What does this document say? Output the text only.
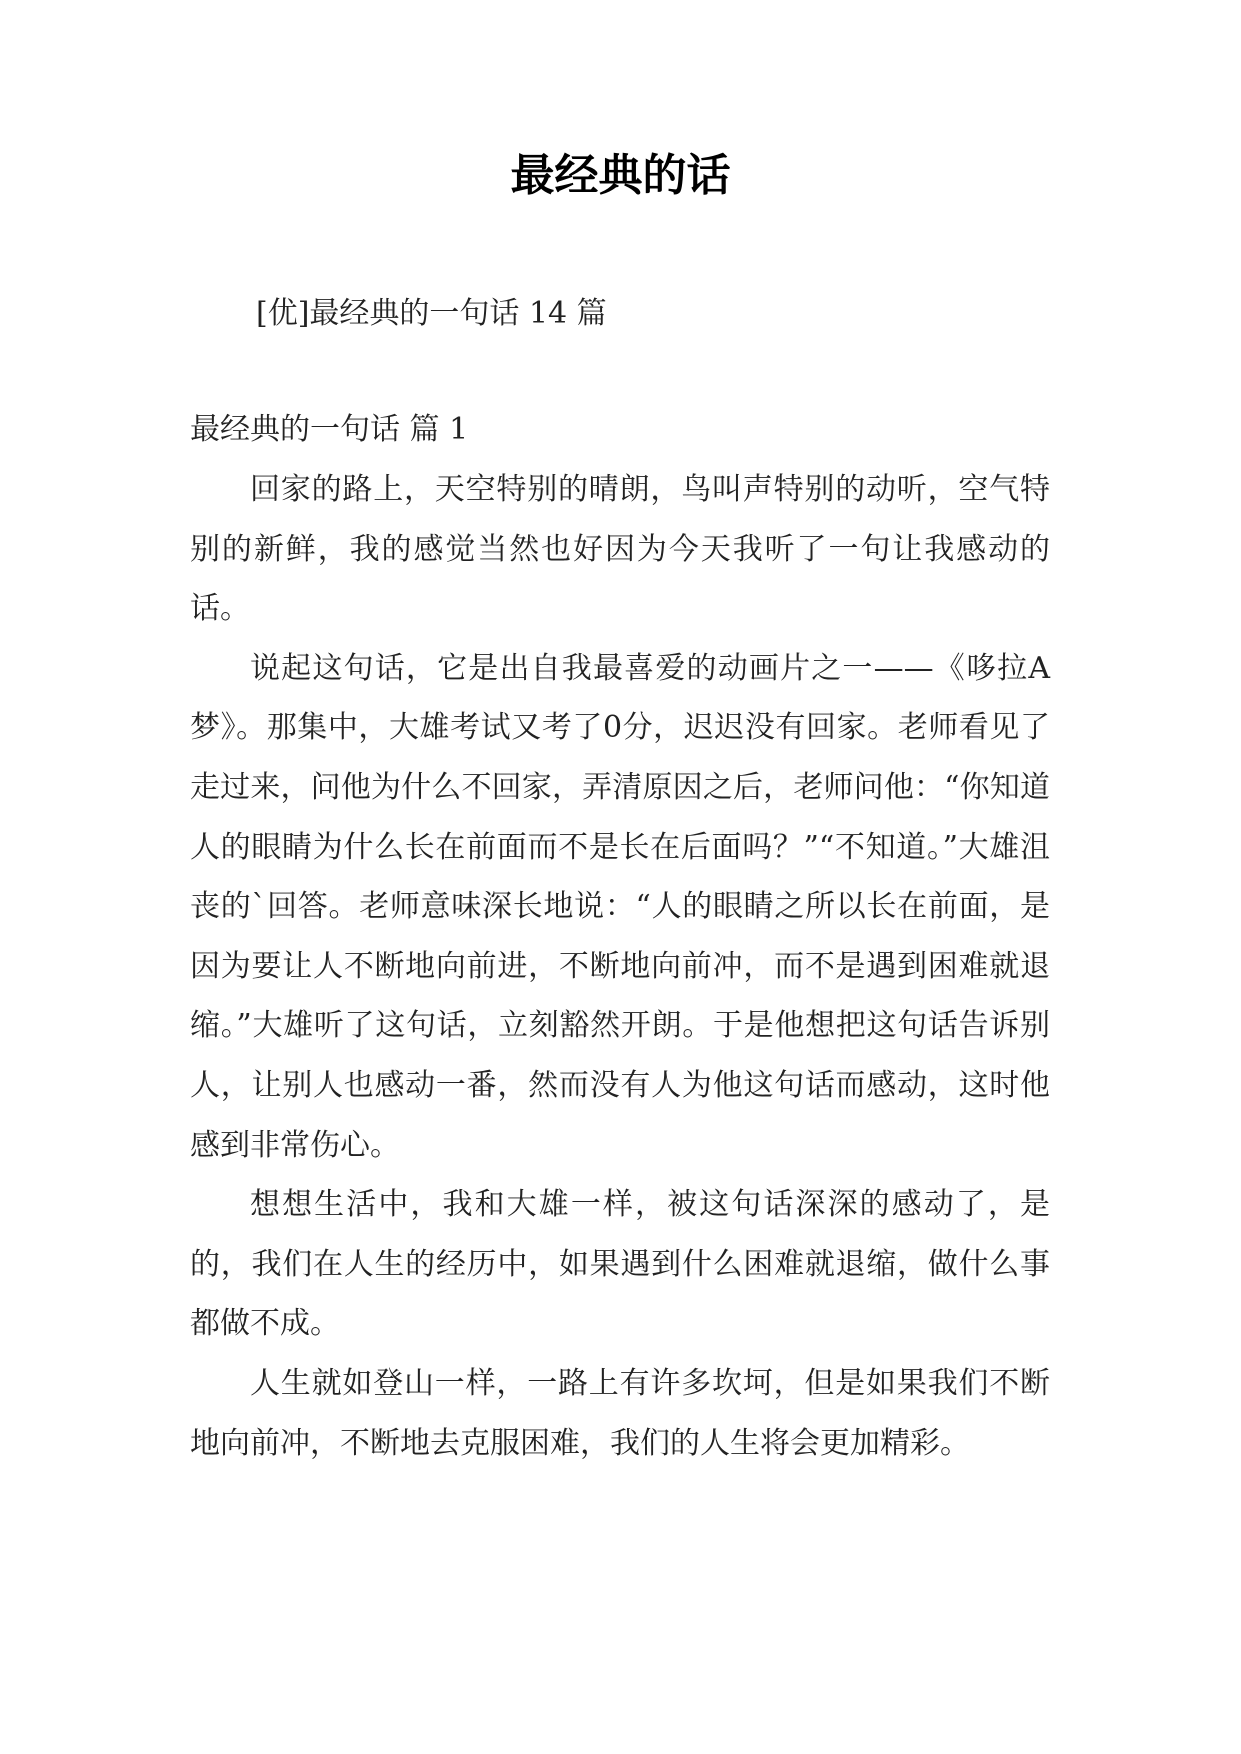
最经典的话
[优]最经典的一句话 14 篇
最经典的一句话 篇 1

回家的路上，天空特别的晴朗，鸟叫声特别的动听，空气特别的新鲜，我的感觉当然也好因为今天我听了一句让我感动的话。

说起这句话，它是出自我最喜爱的动画片之一——《哆拉A梦》。那集中，大雄考试又考了0分，迟迟没有回家。老师看见了走过来，问他为什么不回家，弄清原因之后，老师问他：“你知道人的眼睛为什么长在前面而不是长在后面吗？”“不知道。”大雄沮丧的`回答。老师意味深长地说：“人的眼睛之所以长在前面，是因为要让人不断地向前进，不断地向前冲，而不是遇到困难就退缩。”大雄听了这句话，立刻豁然开朗。于是他想把这句话告诉别人，让别人也感动一番，然而没有人为他这句话而感动，这时他感到非常伤心。

想想生活中，我和大雄一样，被这句话深深的感动了，是的，我们在人生的经历中，如果遇到什么困难就退缩，做什么事都做不成。

人生就如登山一样，一路上有许多坎坷，但是如果我们不断地向前冲，不断地去克服困难，我们的人生将会更加精彩。
